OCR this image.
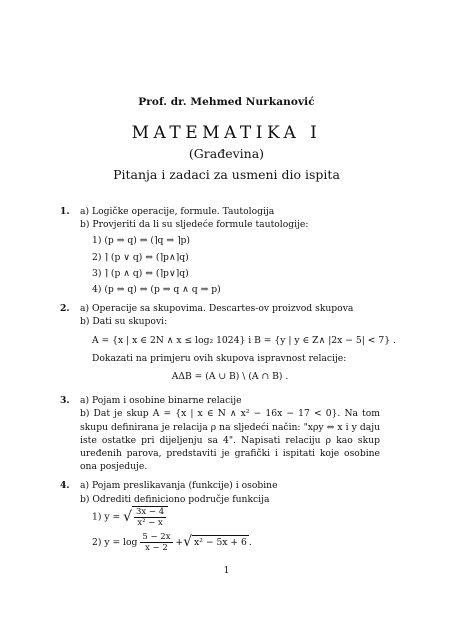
Prof. dr. Mehmed Nurkanović
MATEMATIKA I
(Građevina)
Pitanja i zadaci za usmeni dio ispita
1. a) Logičke operacije, formule. Tautologija
b) Provjeriti da li su sljedeće formule tautologije:
1) (p ⇒ q) ⇔ (⌉q ⇒ ⌉p)
2) ⌉ (p ∨ q) ⇔ (⌉p∧⌉q)
3) ⌉ (p ∧ q) ⇔ (⌉p∨⌉q)
4) (p ⇔ q) ⇔ (p ⇒ q ∧ q ⇒ p)
2. a) Operacije sa skupovima. Descartes-ov proizvod skupova
b) Dati su skupovi:
A = {x | x ∈ 2N ∧ x ≤ log₂ 1024} i B = {y | y ∈ Z∧ |2x − 5| < 7} .
Dokazati na primjeru ovih skupova ispravnost relacije:
AΔB = (A ∪ B) \ (A ∩ B) .
3. a) Pojam i osobine binarne relacije
b) Dat je skup A = {x | x ∈ N ∧ x² − 16x − 17 < 0}. Na tom skupu definirana je relacija ρ na sljedeći način: "xρy ⇔ x i y daju iste ostatke pri dijeljenju sa 4". Napisati relaciju ρ kao skup uređenih parova, predstaviti je grafički i ispitati koje osobine ona posjeduje.
4. a) Pojam preslikavanja (funkcije) i osobine
b) Odrediti definiciono područje funkcija
1) y = √ $\frac{3x - 4}{\text{x² − x}}$
2) $y = \log \frac{5 - 2x}{x - 2}$ +√ x² − 5x + 6 .
1
